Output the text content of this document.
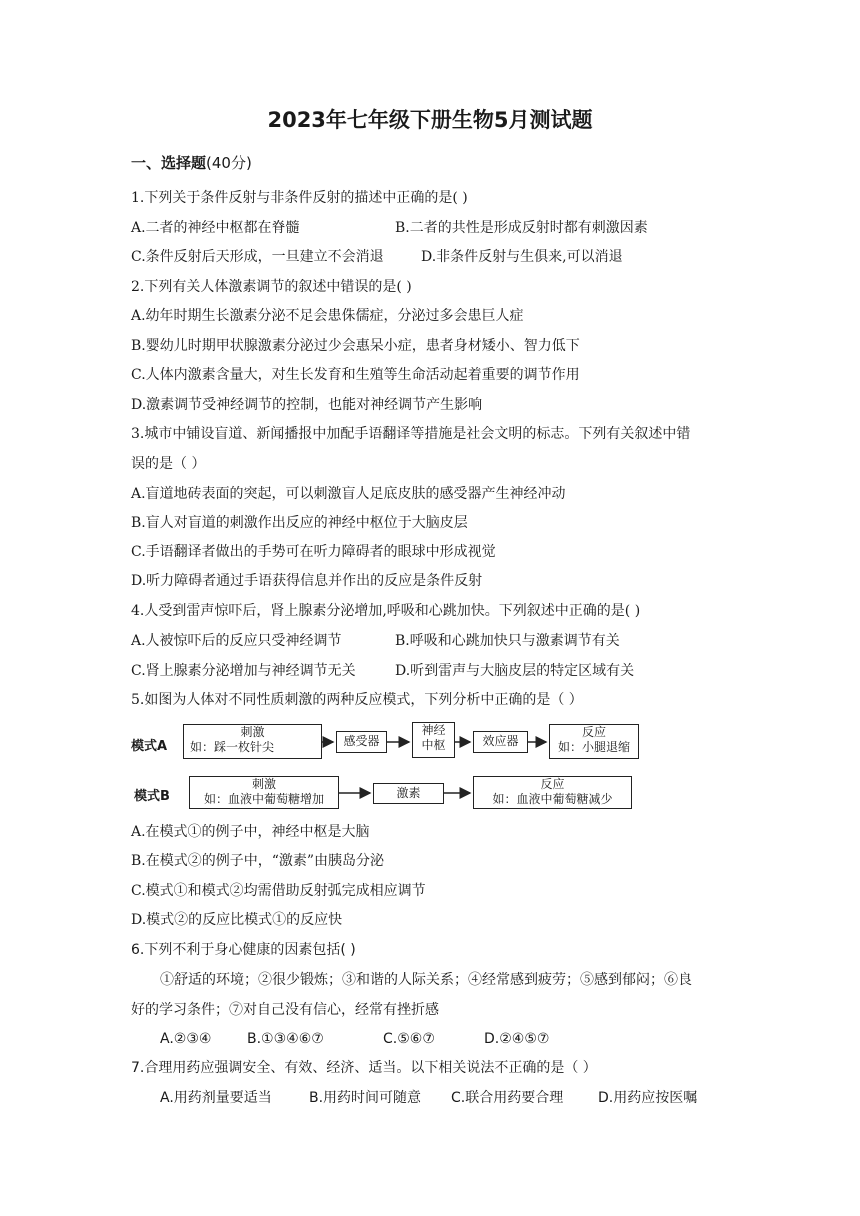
2023年七年级下册生物5月测试题
一、选择题(40分)
1.下列关于条件反射与非条件反射的描述中正确的是( )
A.二者的神经中枢都在脊髓	B.二者的共性是形成反射时都有刺激因素
C.条件反射后天形成，一旦建立不会消退	D.非条件反射与生俱来,可以消退
2.下列有关人体激素调节的叙述中错误的是( )
A.幼年时期生长激素分泌不足会患侏儒症，分泌过多会患巨人症
B.婴幼儿时期甲状腺激素分泌过少会惠呆小症，患者身材矮小、智力低下
C.人体内激素含量大，对生长发育和生殖等生命活动起着重要的调节作用
D.激素调节受神经调节的控制，也能对神经调节产生影响
3.城市中铺设盲道、新闻播报中加配手语翻译等措施是社会文明的标志。下列有关叙述中错
误的是（ ）
A.盲道地砖表面的突起，可以刺激盲人足底皮肤的感受器产生神经冲动
B.盲人对盲道的刺激作出反应的神经中枢位于大脑皮层
C.手语翻译者做出的手势可在听力障碍者的眼球中形成视觉
D.听力障碍者通过手语获得信息并作出的反应是条件反射
4.人受到雷声惊吓后，肾上腺素分泌增加,呼吸和心跳加快。下列叙述中正确的是( )
A.人被惊吓后的反应只受神经调节	B.呼吸和心跳加快只与激素调节有关
C.肾上腺素分泌增加与神经调节无关	D.听到雷声与大脑皮层的特定区域有关
5.如图为人体对不同性质刺激的两种反应模式，下列分析中正确的是（ ）
模式A
刺激
如：踩一枚针尖	感受器
神经
中枢	效应器
反应
如：小腿退缩
模式B
刺激
如：血液中葡萄糖增加	激素
反应
如：血液中葡萄糖减少
A.在模式①的例子中，神经中枢是大脑
B.在模式②的例子中，“激素”由胰岛分泌
C.模式①和模式②均需借助反射弧完成相应调节
D.模式②的反应比模式①的反应快
6.下列不利于身心健康的因素包括( )
①舒适的环境；②很少锻炼；③和谐的人际关系；④经常感到疲劳；⑤感到郁闷；⑥良
好的学习条件；⑦对自己没有信心，经常有挫折感
A.②③④	B.①③④⑥⑦	C.⑤⑥⑦	D.②④⑤⑦
7.合理用药应强调安全、有效、经济、适当。以下相关说法不正确的是（ ）
A.用药剂量要适当	B.用药时间可随意 C.联合用药要合理 D.用药应按医嘱
